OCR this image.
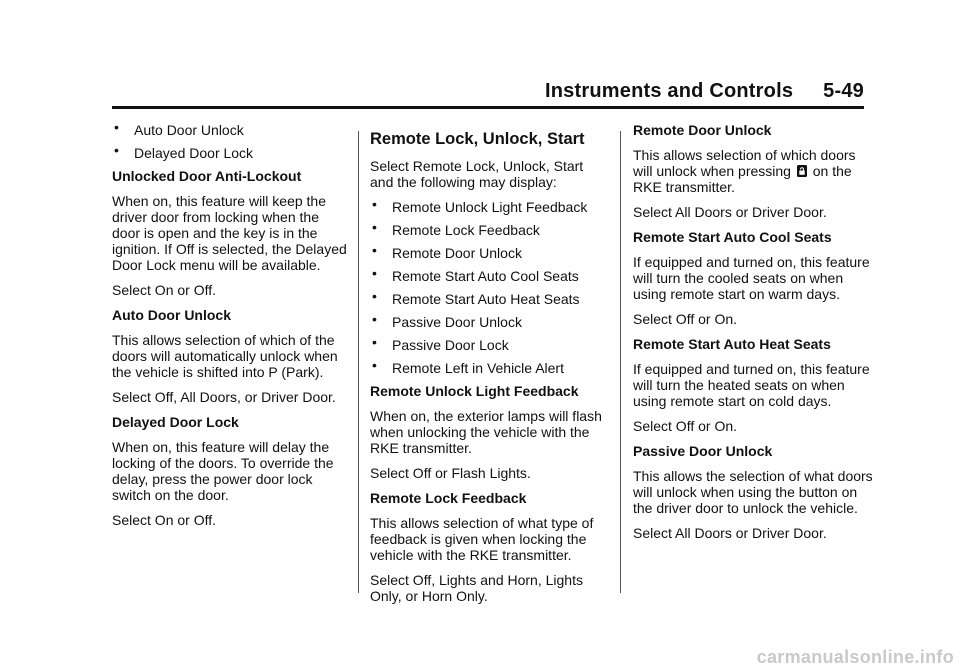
Instruments and Controls 5-49

• Auto Door Unlock

• Delayed Door Lock

Unlocked Door Anti-Lockout

When on, this feature will keep the driver door from locking when the door is open and the key is in the ignition. If Off is selected, the Delayed Door Lock menu will be available.

Select On or Off.

Auto Door Unlock

This allows selection of which of the doors will automatically unlock when the vehicle is shifted into P (Park).

Select Off, All Doors, or Driver Door.

Delayed Door Lock

When on, this feature will delay the locking of the doors. To override the delay, press the power door lock switch on the door.

Select On or Off.

Remote Lock, Unlock, Start

Select Remote Lock, Unlock, Start and the following may display:

• Remote Unlock Light Feedback

• Remote Lock Feedback

• Remote Door Unlock

• Remote Start Auto Cool Seats

• Remote Start Auto Heat Seats

• Passive Door Unlock

• Passive Door Lock

• Remote Left in Vehicle Alert

Remote Unlock Light Feedback

When on, the exterior lamps will flash when unlocking the vehicle with the RKE transmitter.

Select Off or Flash Lights.

Remote Lock Feedback

This allows selection of what type of feedback is given when locking the vehicle with the RKE transmitter.

Select Off, Lights and Horn, Lights Only, or Horn Only.

Remote Door Unlock

This allows selection of which doors will unlock when pressing on the RKE transmitter.

Select All Doors or Driver Door.

Remote Start Auto Cool Seats

If equipped and turned on, this feature will turn the cooled seats on when using remote start on warm days.

Select Off or On.

Remote Start Auto Heat Seats

If equipped and turned on, this feature will turn the heated seats on when using remote start on cold days.

Select Off or On.

Passive Door Unlock

This allows the selection of what doors will unlock when using the button on the driver door to unlock the vehicle.

Select All Doors or Driver Door.

carmanualsonline.info
